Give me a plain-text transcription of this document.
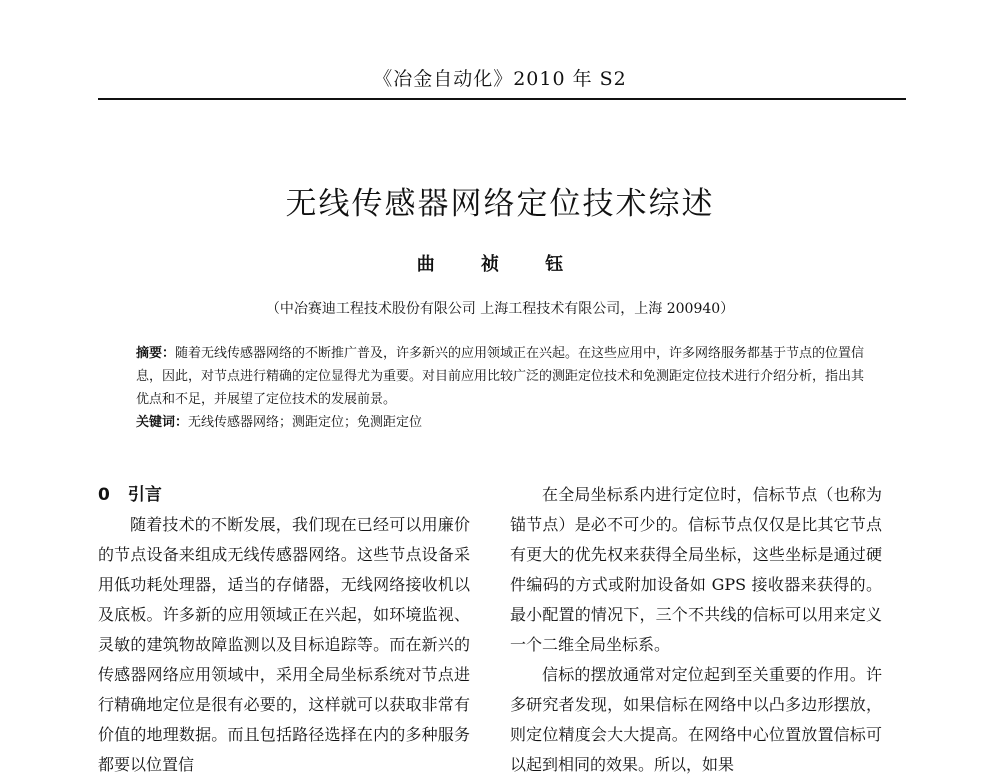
《冶金自动化》2010 年 S2
无线传感器网络定位技术综述
曲 祯 钰
（中冶赛迪工程技术股份有限公司 上海工程技术有限公司，上海 200940）

摘要：随着无线传感器网络的不断推广普及，许多新兴的应用领域正在兴起。在这些应用中，许多网络服务都基于节点的位置信息，因此，对节点进行精确的定位显得尤为重要。对目前应用比较广泛的测距定位技术和免测距定位技术进行介绍分析，指出其优点和不足，并展望了定位技术的发展前景。

关键词：无线传感器网络；测距定位；免测距定位

0 引言

随着技术的不断发展，我们现在已经可以用廉价的节点设备来组成无线传感器网络。这些节点设备采用低功耗处理器，适当的存储器，无线网络接收机以及底板。许多新的应用领域正在兴起，如环境监视、灵敏的建筑物故障监测以及目标追踪等。而在新兴的传感器网络应用领域中，采用全局坐标系统对节点进行精确地定位是很有必要的，这样就可以获取非常有价值的地理数据。而且包括路径选择在内的多种服务都要以位置信

在全局坐标系内进行定位时，信标节点（也称为锚节点）是必不可少的。信标节点仅仅是比其它节点有更大的优先权来获得全局坐标，这些坐标是通过硬件编码的方式或附加设备如 GPS 接收器来获得的。最小配置的情况下，三个不共线的信标可以用来定义一个二维全局坐标系。

信标的摆放通常对定位起到至关重要的作用。许多研究者发现，如果信标在网络中以凸多边形摆放，则定位精度会大大提高。在网络中心位置放置信标可以起到相同的效果。所以，如果
